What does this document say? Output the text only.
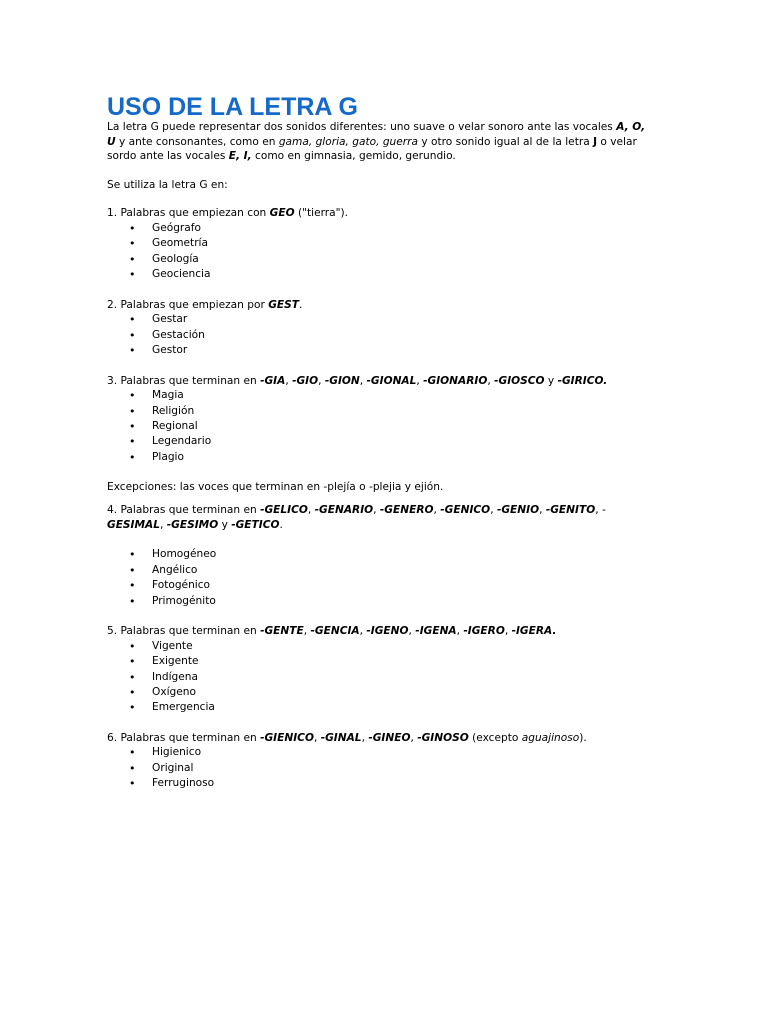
USO DE LA LETRA G

La letra G puede representar dos sonidos diferentes: uno suave o velar sonoro ante las vocales A, O,
U y ante consonantes, como en gama, gloria, gato, guerra y otro sonido igual al de la letra J o velar sordo ante las vocales E, I, como en gimnasia, gemido, gerundio.

Se utiliza la letra G en:

1. Palabras que empiezan con GEO ("tierra").

• Geógrafo
• Geometría
• Geología
• Geociencia

2. Palabras que empiezan por GEST.

• Gestar
• Gestación
• Gestor

3. Palabras que terminan en -GIA, -GIO, -GION, -GIONAL, -GIONARIO, -GIOSCO y -GIRICO.

• Magia
• Religión
• Regional
• Legendario
• Plagio

Excepciones: las voces que terminan en -plejía o -plejia y ejión.

4. Palabras que terminan en -GELICO, -GENARIO, -GENERO, -GENICO, -GENIO, -GENITO, -
GESIMAL, -GESIMO y -GETICO.

• Homogéneo
• Angélico
• Fotogénico
• Primogénito

5. Palabras que terminan en -GENTE, -GENCIA, -IGENO, -IGENA, -IGERO, -IGERA.

• Vigente
• Exigente
• Indígena
• Oxígeno
• Emergencia

6. Palabras que terminan en -GIENICO, -GINAL, -GINEO, -GINOSO (excepto aguajinoso).

• Higienico
• Original
• Ferruginoso
